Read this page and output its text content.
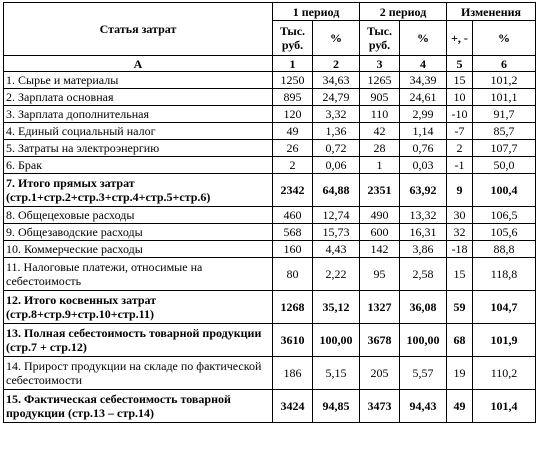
Статья затрат	1 период		2 период		Изменения	
	Тыс. руб.	%	Тыс. руб.	%	+, -	%
А	1	2	3	4	5	6
1. Сырье и материалы	1250	34,63	1265	34,39	15	101,2
2. Зарплата основная	895	24,79	905	24,61	10	101,1
3. Зарплата дополнительная	120	3,32	110	2,99	-10	91,7
4. Единый социальный налог	49	1,36	42	1,14	-7	85,7
5. Затраты на электроэнергию	26	0,72	28	0,76	2	107,7
6. Брак	2	0,06	1	0,03	-1	50,0
7. Итого прямых затрат (стр.1+стр.2+стр.3+стр.4+стр.5+стр.6)	2342	64,88	2351	63,92	9	100,4
8. Общецеховые расходы	460	12,74	490	13,32	30	106,5
9. Общезаводские расходы	568	15,73	600	16,31	32	105,6
10. Коммерческие расходы	160	4,43	142	3,86	-18	88,8
11. Налоговые платежи, относимые на себестоимость	80	2,22	95	2,58	15	118,8
12. Итого косвенных затрат (стр.8+стр.9+стр.10+стр.11)	1268	35,12	1327	36,08	59	104,7
13. Полная себестоимость товарной продукции (стр.7 + стр.12)	3610	100,00	3678	100,00	68	101,9
14. Прирост продукции на складе по фактической себестоимости	186	5,15	205	5,57	19	110,2
15. Фактическая себестоимость товарной продукции (стр.13 – стр.14)	3424	94,85	3473	94,43	49	101,4
